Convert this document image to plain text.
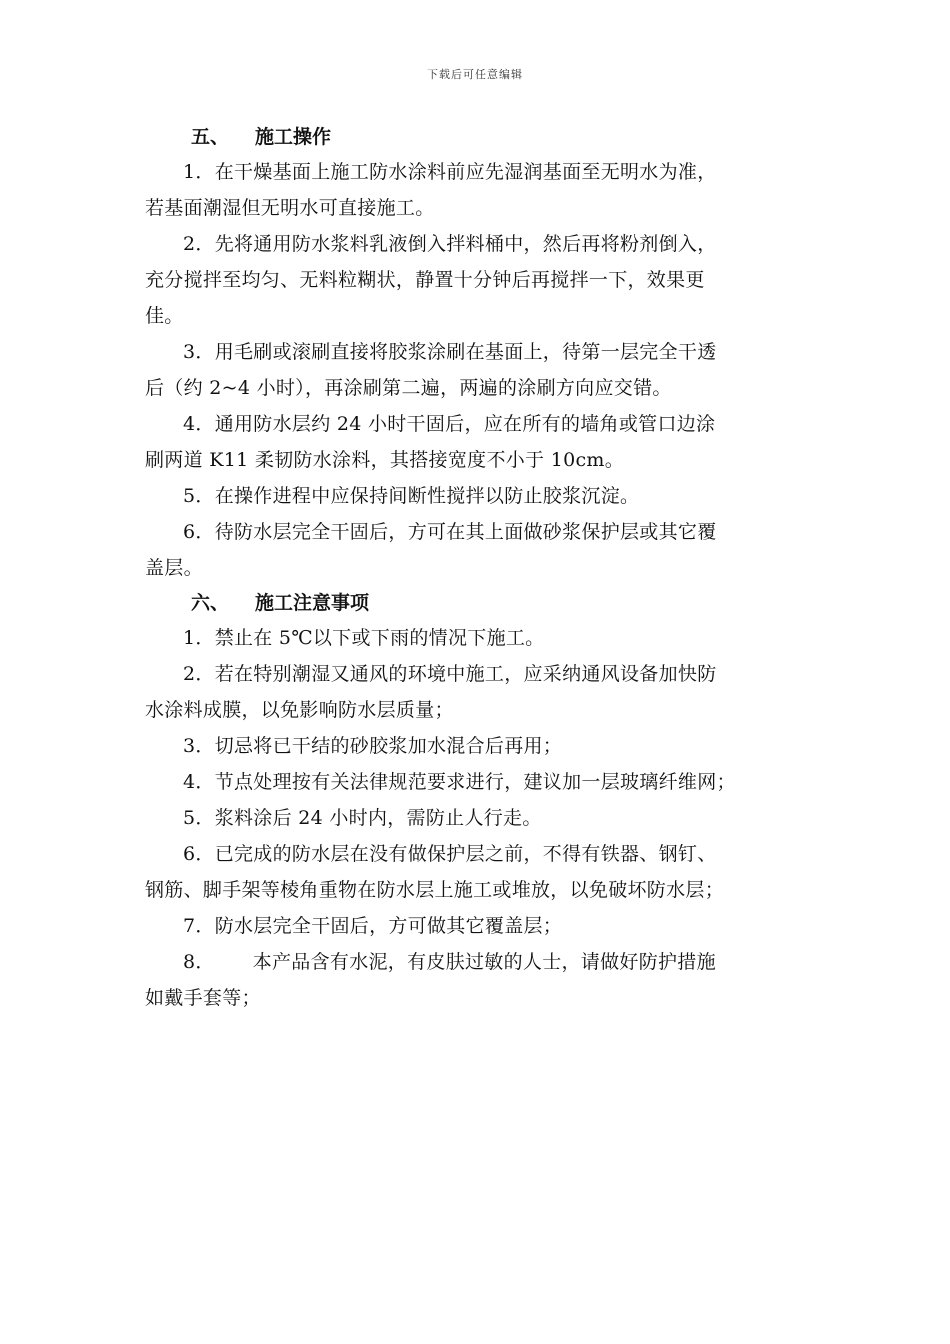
下载后可任意编辑
五、 施工操作

1．在干燥基面上施工防水涂料前应先湿润基面至无明水为准，
若基面潮湿但无明水可直接施工。

2．先将通用防水浆料乳液倒入拌料桶中，然后再将粉剂倒入，
充分搅拌至均匀、无料粒糊状，静置十分钟后再搅拌一下，效果更
佳。

3．用毛刷或滚刷直接将胶浆涂刷在基面上，待第一层完全干透
后（约 2~4 小时），再涂刷第二遍，两遍的涂刷方向应交错。

4．通用防水层约 24 小时干固后，应在所有的墙角或管口边涂
刷两道 K11 柔韧防水涂料，其搭接宽度不小于 10cm。

5．在操作进程中应保持间断性搅拌以防止胶浆沉淀。

6．待防水层完全干固后，方可在其上面做砂浆保护层或其它覆
盖层。

六、 施工注意事项

1．禁止在 5℃以下或下雨的情况下施工。

2．若在特别潮湿又通风的环境中施工，应采纳通风设备加快防
水涂料成膜，以免影响防水层质量；

3．切忌将已干结的砂胶浆加水混合后再用；

4．节点处理按有关法律规范要求进行，建议加一层玻璃纤维网；

5．浆料涂后 24 小时内，需防止人行走。

6．已完成的防水层在没有做保护层之前，不得有铁器、钢钉、
钢筋、脚手架等棱角重物在防水层上施工或堆放，以免破坏防水层；

7．防水层完全干固后，方可做其它覆盖层；

8． 本产品含有水泥，有皮肤过敏的人士，请做好防护措施
如戴手套等；
